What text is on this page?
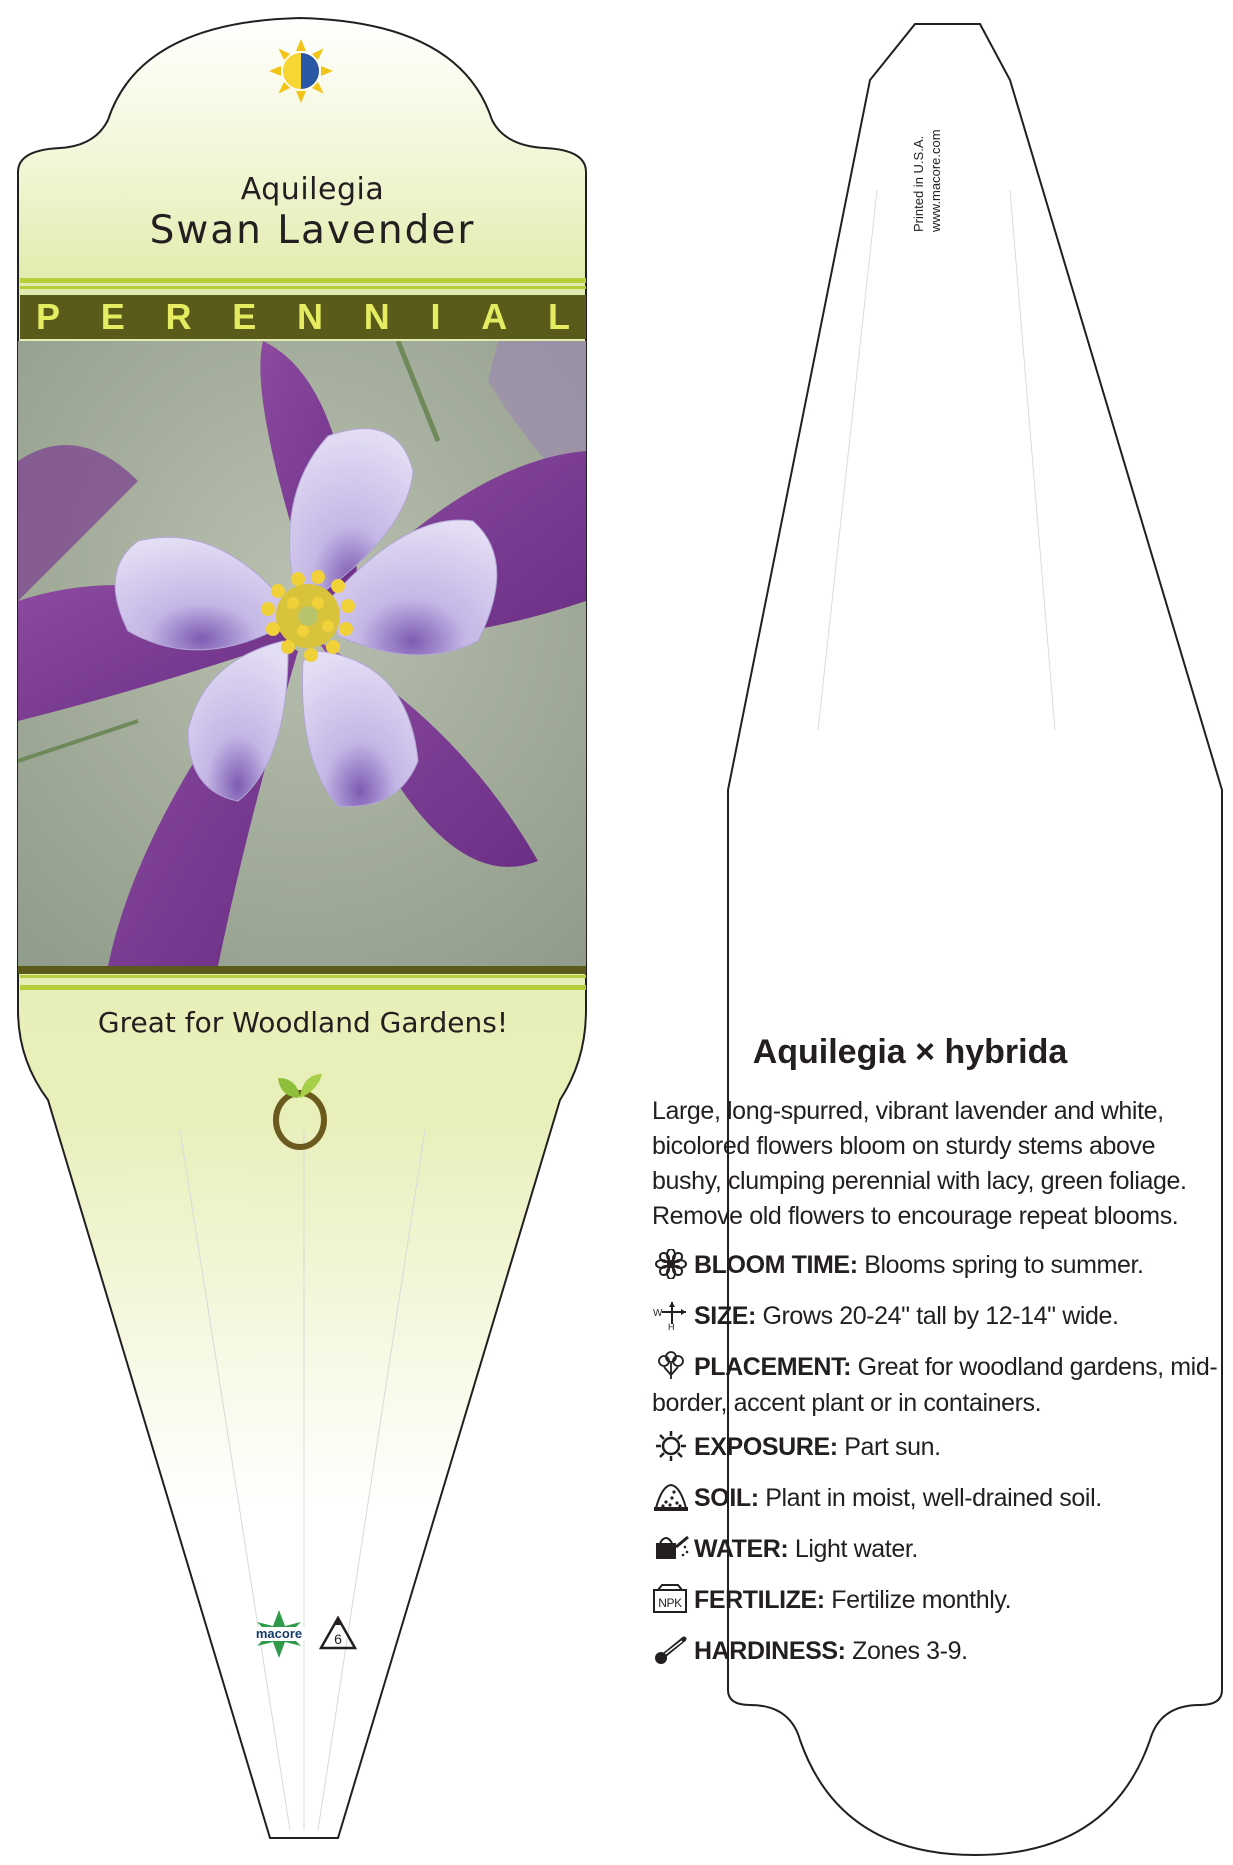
Aquilegia
Swan Lavender
P E R E N N I A L
Great for Woodland Gardens!
macore	6
Printed in U.S.A. www.macore.com
Aquilegia × hybrida
Large, long-spurred, vibrant lavender and white, bicolored flowers bloom on sturdy stems above bushy, clumping perennial with lacy, green foliage. Remove old flowers to encourage repeat blooms.
BLOOM TIME: Blooms spring to summer.
W
H SIZE: Grows 20-24" tall by 12-14" wide.
PLACEMENT: Great for woodland gardens, mid-border, accent plant or in containers.
EXPOSURE: Part sun.
SOIL: Plant in moist, well-drained soil.
WATER: Light water.
NPK FERTILIZE: Fertilize monthly.
HARDINESS: Zones 3-9.
